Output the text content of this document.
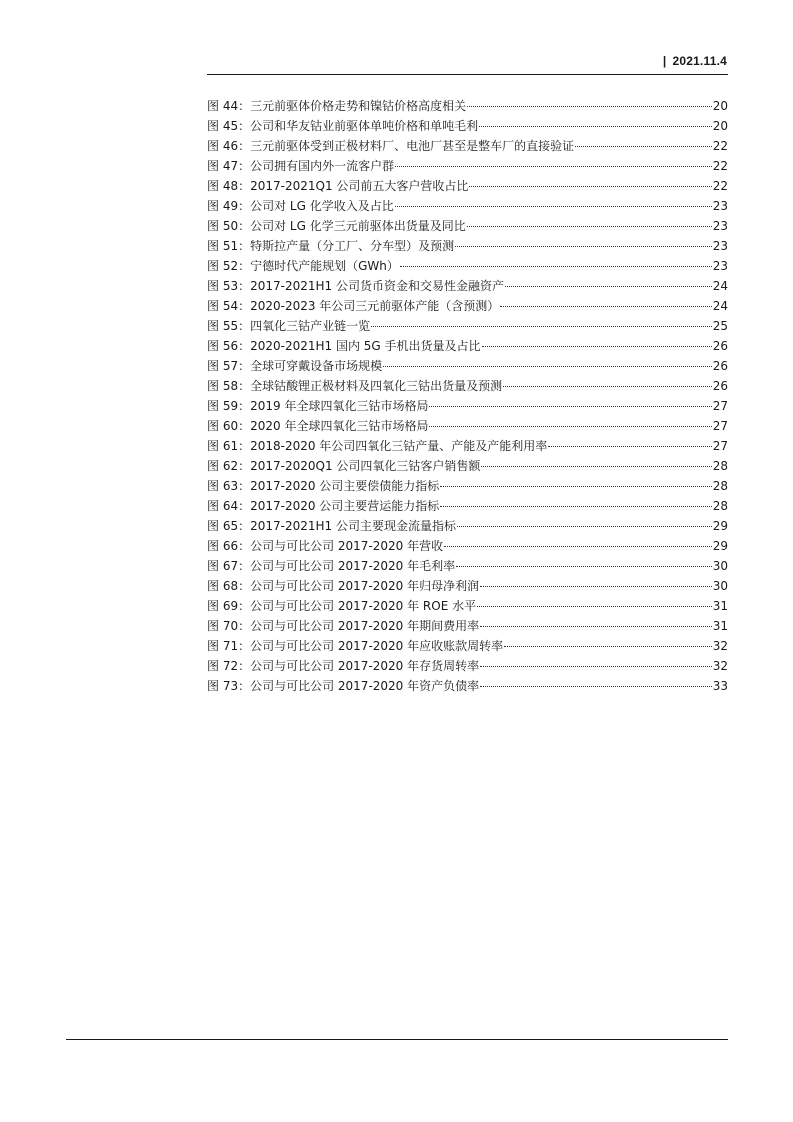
| 2021.11.4
图 44：三元前驱体价格走势和镍钴价格高度相关	20
图 45：公司和华友钴业前驱体单吨价格和单吨毛利	20
图 46：三元前驱体受到正极材料厂、电池厂甚至是整车厂的直接验证	22
图 47：公司拥有国内外一流客户群	22
图 48：2017-2021Q1 公司前五大客户营收占比	22
图 49：公司对 LG 化学收入及占比	23
图 50：公司对 LG 化学三元前驱体出货量及同比	23
图 51：特斯拉产量（分工厂、分车型）及预测	23
图 52：宁德时代产能规划（GWh）	23
图 53：2017-2021H1 公司货币资金和交易性金融资产	24
图 54：2020-2023 年公司三元前驱体产能（含预测）	24
图 55：四氧化三钴产业链一览	25
图 56：2020-2021H1 国内 5G 手机出货量及占比	26
图 57：全球可穿戴设备市场规模	26
图 58：全球钴酸锂正极材料及四氧化三钴出货量及预测	26
图 59：2019 年全球四氧化三钴市场格局	27
图 60：2020 年全球四氧化三钴市场格局	27
图 61：2018-2020 年公司四氧化三钴产量、产能及产能利用率	27
图 62：2017-2020Q1 公司四氧化三钴客户销售额	28
图 63：2017-2020 公司主要偿债能力指标	28
图 64：2017-2020 公司主要营运能力指标	28
图 65：2017-2021H1 公司主要现金流量指标	29
图 66：公司与可比公司 2017-2020 年营收	29
图 67：公司与可比公司 2017-2020 年毛利率	30
图 68：公司与可比公司 2017-2020 年归母净利润	30
图 69：公司与可比公司 2017-2020 年 ROE 水平	31
图 70：公司与可比公司 2017-2020 年期间费用率	31
图 71：公司与可比公司 2017-2020 年应收账款周转率	32
图 72：公司与可比公司 2017-2020 年存货周转率	32
图 73：公司与可比公司 2017-2020 年资产负债率	33
